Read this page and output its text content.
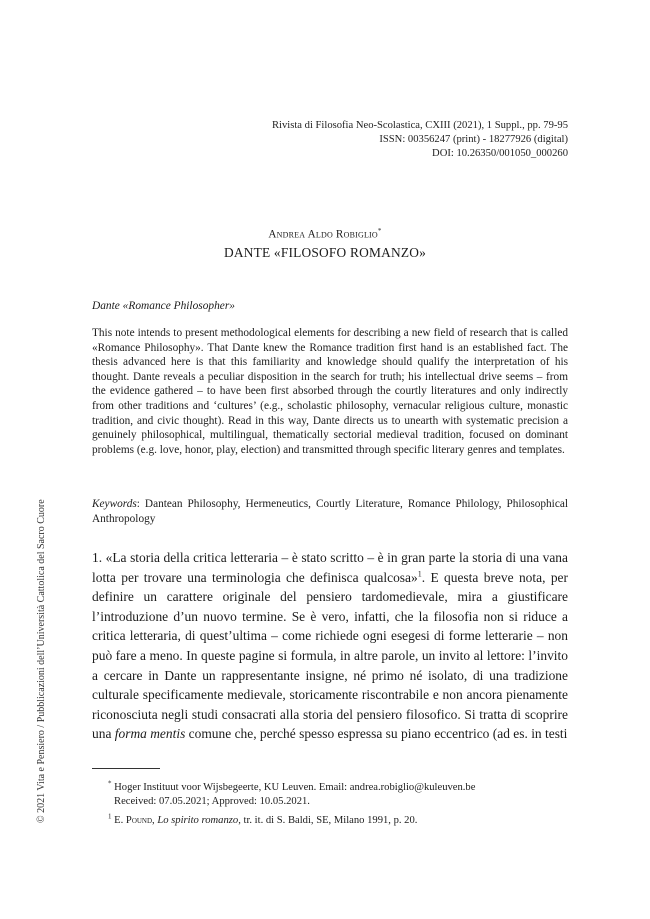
Rivista di Filosofia Neo-Scolastica, CXIII (2021), 1 Suppl., pp. 79-95
ISSN: 00356247 (print) - 18277926 (digital)
DOI: 10.26350/001050_000260
Andrea Aldo Robiglio*
DANTE «FILOSOFO ROMANZO»
Dante «Romance Philosopher»
This note intends to present methodological elements for describing a new field of research that is called «Romance Philosophy». That Dante knew the Romance tradition first hand is an established fact. The thesis advanced here is that this familiarity and knowledge should qualify the interpretation of his thought. Dante reveals a peculiar disposition in the search for truth; his intellectual drive seems – from the evidence gathered – to have been first absorbed through the courtly literatures and only indirectly from other traditions and ‘cultures’ (e.g., scholastic philosophy, vernacular religious culture, monastic tradition, and civic thought). Read in this way, Dante directs us to unearth with systematic precision a genuinely philosophical, multilingual, thematically sectorial medieval tradition, focused on dominant problems (e.g. love, honor, play, election) and transmitted through specific literary genres and templates.
Keywords: Dantean Philosophy, Hermeneutics, Courtly Literature, Romance Philology, Philosophical Anthropology
1. «La storia della critica letteraria – è stato scritto – è in gran parte la storia di una vana lotta per trovare una terminologia che definisca qualcosa»$^1$. E questa breve nota, per definire un carattere originale del pensiero tardomedievale, mira a giustificare l’introduzione d’un nuovo termine. Se è vero, infatti, che la filosofia non si riduce a critica letteraria, di quest’ultima – come richiede ogni esegesi di forme letterarie – non può fare a meno. In queste pagine si formula, in altre parole, un invito al lettore: l’invito a cercare in Dante un rappresentante insigne, né primo né isolato, di una tradizione culturale specificamente medievale, storicamente riscontrabile e non ancora pienamente riconosciuta negli studi consacrati alla storia del pensiero filosofico. Si tratta di scoprire una forma mentis comune che, perché spesso espressa su piano eccentrico (ad es. in testi
* Hoger Instituut voor Wijsbegeerte, KU Leuven. Email: andrea.robiglio@kuleuven.be
Received: 07.05.2021; Approved: 10.05.2021.
$^1$ E. Pound, Lo spirito romanzo, tr. it. di S. Baldi, SE, Milano 1991, p. 20.
© 2021 Vita e Pensiero / Pubblicazioni dell’Università Cattolica del Sacro Cuore
